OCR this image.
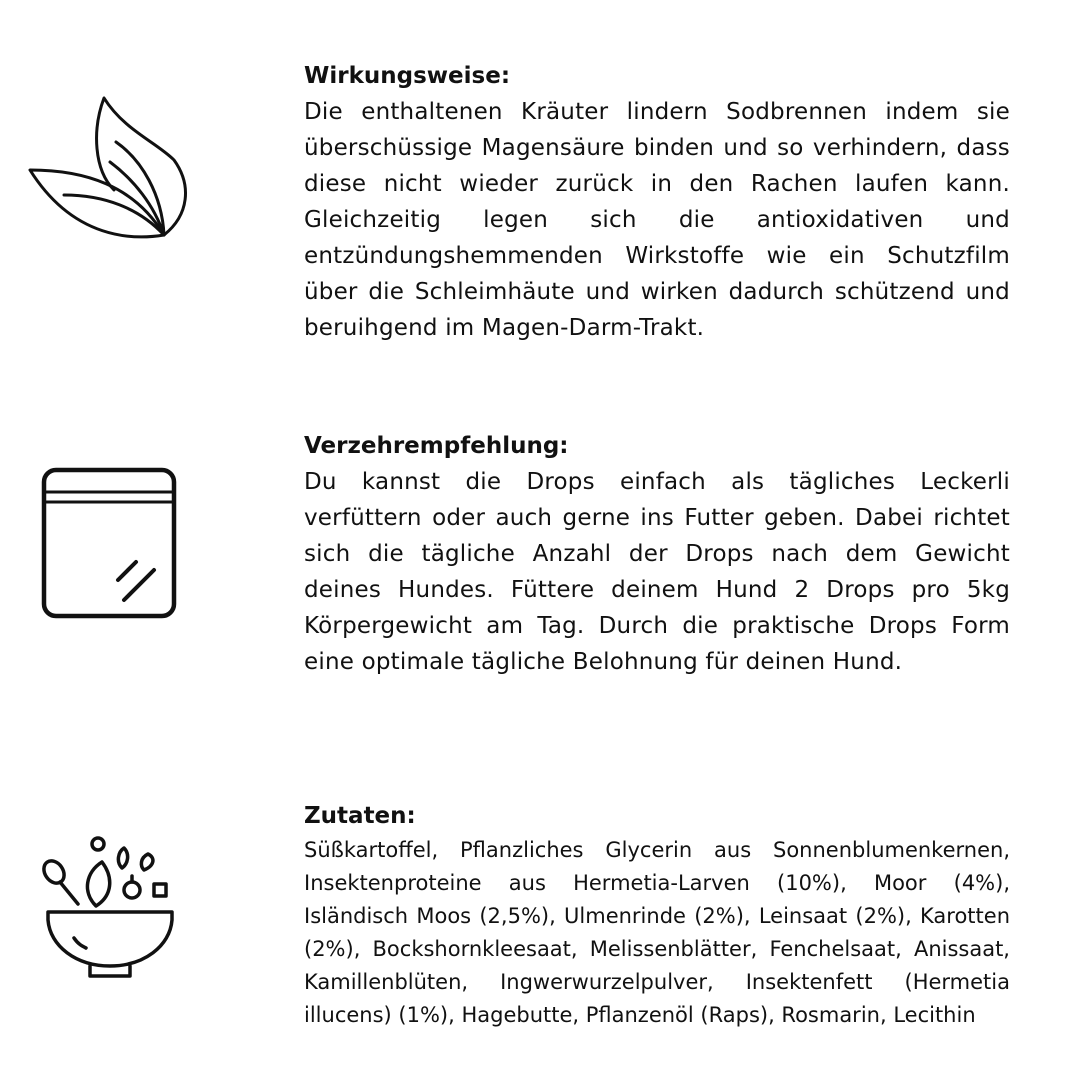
Wirkungsweise:

Die enthaltenen Kräuter lindern Sodbrennen indem sie überschüssige Magensäure binden und so verhindern, dass diese nicht wieder zurück in den Rachen laufen kann. Gleichzeitig legen sich die antioxidativen und entzündungshemmenden Wirkstoffe wie ein Schutzfilm über die Schleimhäute und wirken dadurch schützend und beruihgend im Magen-Darm-Trakt.

Verzehrempfehlung:

Du kannst die Drops einfach als tägliches Leckerli verfüttern oder auch gerne ins Futter geben. Dabei richtet sich die tägliche Anzahl der Drops nach dem Gewicht deines Hundes. Füttere deinem Hund 2 Drops pro 5kg Körpergewicht am Tag. Durch die praktische Drops Form eine optimale tägliche Belohnung für deinen Hund.

Zutaten:

Süßkartoffel, Pflanzliches Glycerin aus Sonnenblumenkernen, Insektenproteine aus Hermetia-Larven (10%), Moor (4%), Isländisch Moos (2,5%), Ulmenrinde (2%), Leinsaat (2%), Karotten (2%), Bockshornkleesaat, Melissenblätter, Fenchelsaat, Anissaat, Kamillenblüten, Ingwerwurzelpulver, Insektenfett (Hermetia illucens) (1%), Hagebutte, Pflanzenöl (Raps), Rosmarin, Lecithin
